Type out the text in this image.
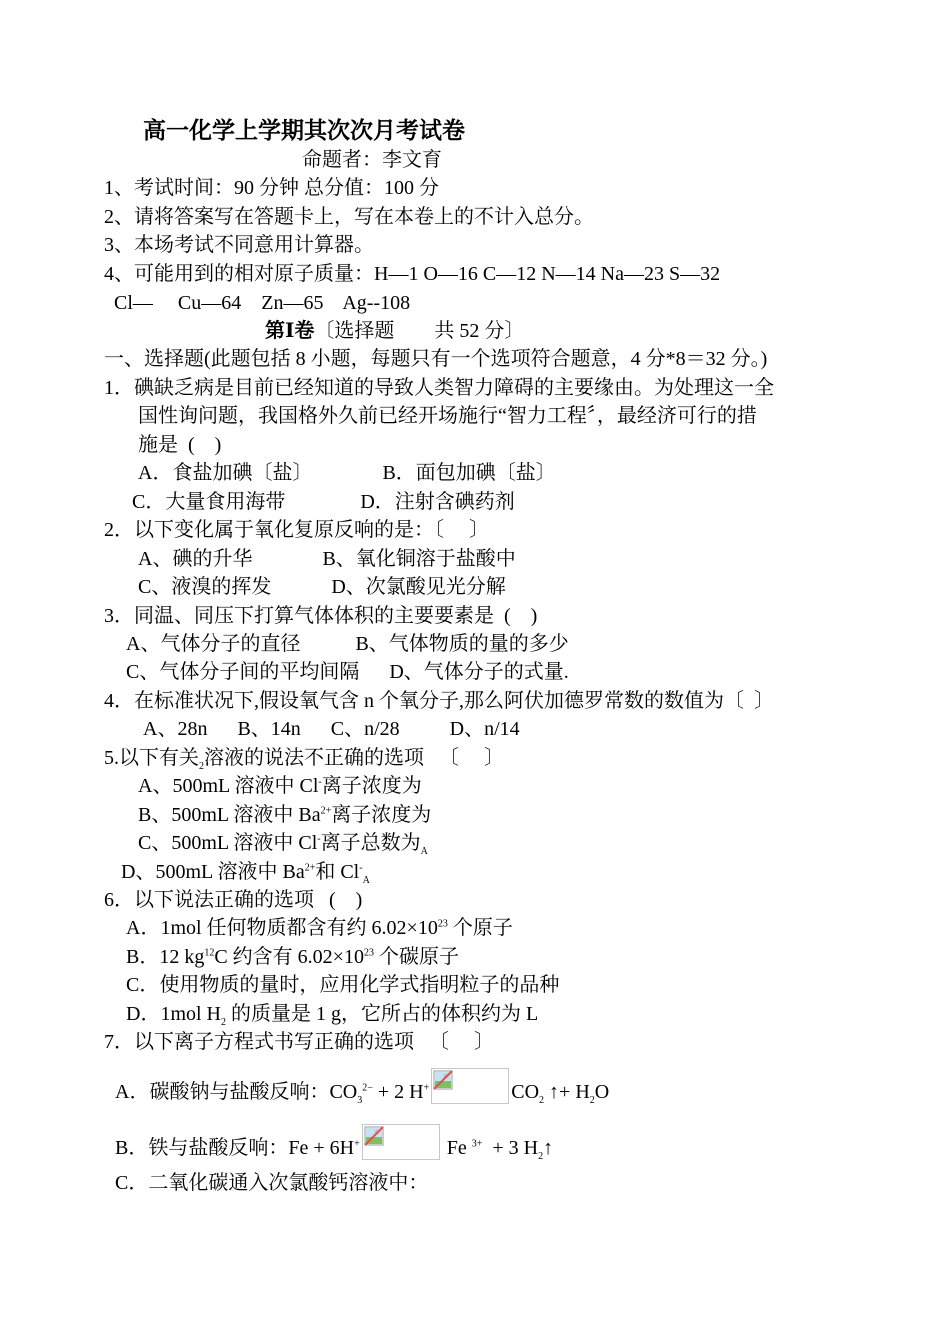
高一化学上学期其次次月考试卷
命题者：李文育
1、考试时间：90 分钟 总分值：100 分
2、请将答案写在答题卡上，写在本卷上的不计入总分。
3、本场考试不同意用计算器。
4、可能用到的相对原子质量：H—1 O—16 C—12 N—14 Na—23 S—32
Cl—     Cu—64    Zn—65    Ag--108
第Ⅰ卷〔选择题        共 52 分〕
一、选择题(此题包括 8 小题，每题只有一个选项符合题意，4 分*8＝32 分。)
1．碘缺乏病是目前已经知道的导致人类智力障碍的主要缘由。为处理这一全
国性询问题，我国格外久前已经开场施行“智力工程〞，最经济可行的措
施是  (    )
A．食盐加碘〔盐〕              B．面包加碘〔盐〕
C．大量食用海带               D．注射含碘药剂
2．以下变化属于氧化复原反响的是：〔     〕
A、碘的升华              B、氧化铜溶于盐酸中
C、液溴的挥发            D、次氯酸见光分解
3．同温、同压下打算气体体积的主要要素是  (    )
A、气体分子的直径           B、气体物质的量的多少
C、气体分子间的平均间隔      D、气体分子的式量.
4．在标准状况下,假设氧气含 n 个氧分子,那么阿伏加德罗常数的数值为〔  〕
A、28n      B、14n      C、n/28          D、n/14
5.以下有关$_2$溶液的说法不正确的选项   〔     〕
A、500mL 溶液中 Cl-离子浓度为
B、500mL 溶液中 $Ba^{2+}$离子浓度为
C、500mL 溶液中 Cl-离子总数为$_A$
D、500mL 溶液中 $Ba^{2+}$和 $Cl^-_A$
6．以下说法正确的选项   (    )
A．1mol 任何物质都含有约 $6.02\times 10^{23}$ 个原子
B．12 $kg^{12}C$ 约含有 $6.02\times 10^{23}$ 个碳原子
C．使用物质的量时，应用化学式指明粒子的品种
D．1mol $H_2$ 的质量是 1 g，它所占的体积约为 L
7．以下离子方程式书写正确的选项   〔     〕
A．碳酸钠与盐酸反响：$CO_3^{2-} + 2$ H+	$CO_2$ ↑+ $H_2O$
B．铁与盐酸反响：Fe + 6H+	Fe $^{3+}$  + 3 $H_2↑$
C．二氧化碳通入次氯酸钙溶液中：
